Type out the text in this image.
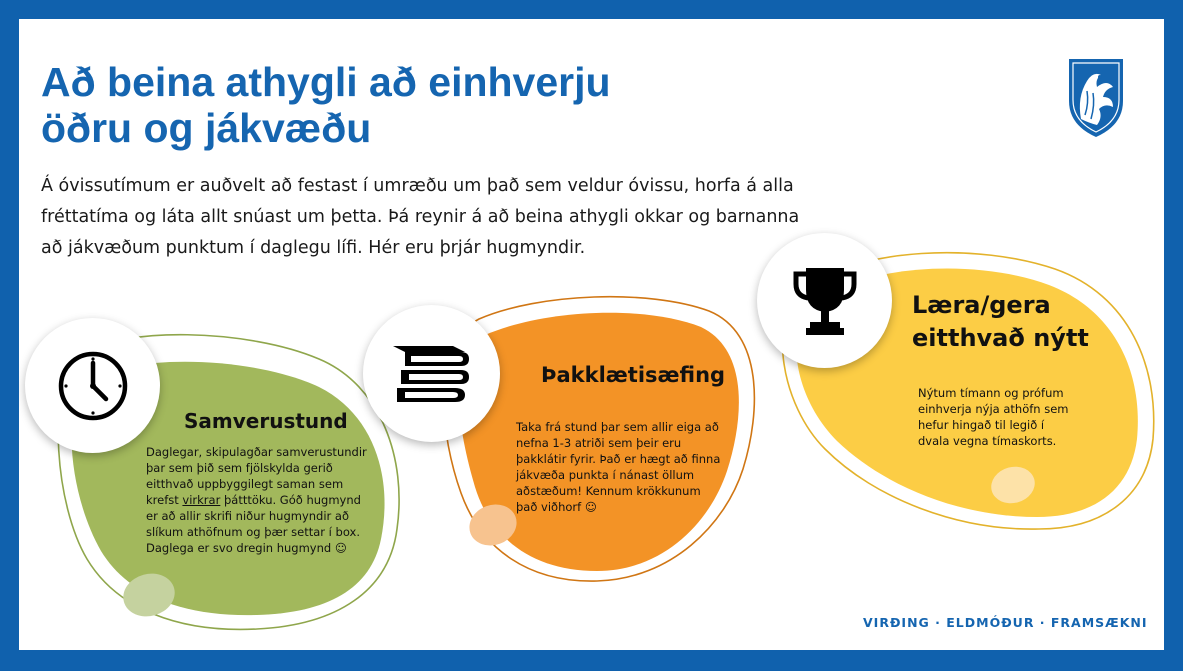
Að beina athygli að einhverju
öðru og jákvæðu

Á óvissutímum er auðvelt að festast í umræðu um það sem veldur óvissu, horfa á alla
fréttatíma og láta allt snúast um þetta. Þá reynir á að beina athygli okkar og barnanna
að jákvæðum punktum í daglegu lífi. Hér eru þrjár hugmyndir.

Samverustund

Daglegar, skipulagðar samverustundir
þar sem þið sem fjölskylda gerið
eitthvað uppbyggilegt saman sem
krefst virkrar þátttöku. Góð hugmynd
er að allir skrifi niður hugmyndir að
slíkum athöfnum og þær settar í box.
Daglega er svo dregin hugmynd ☺

Þakklætisæfing

Taka frá stund þar sem allir eiga að
nefna 1-3 atriði sem þeir eru
þakklátir fyrir. Það er hægt að finna
jákvæða punkta í nánast öllum
aðstæðum! Kennum krökkunum
það viðhorf ☺

Læra/gera
eitthvað nýtt

Nýtum tímann og prófum
einhverja nýja athöfn sem
hefur hingað til legið í
dvala vegna tímaskorts.

VIRÐING · ELDMÓÐUR · FRAMSÆKNI
